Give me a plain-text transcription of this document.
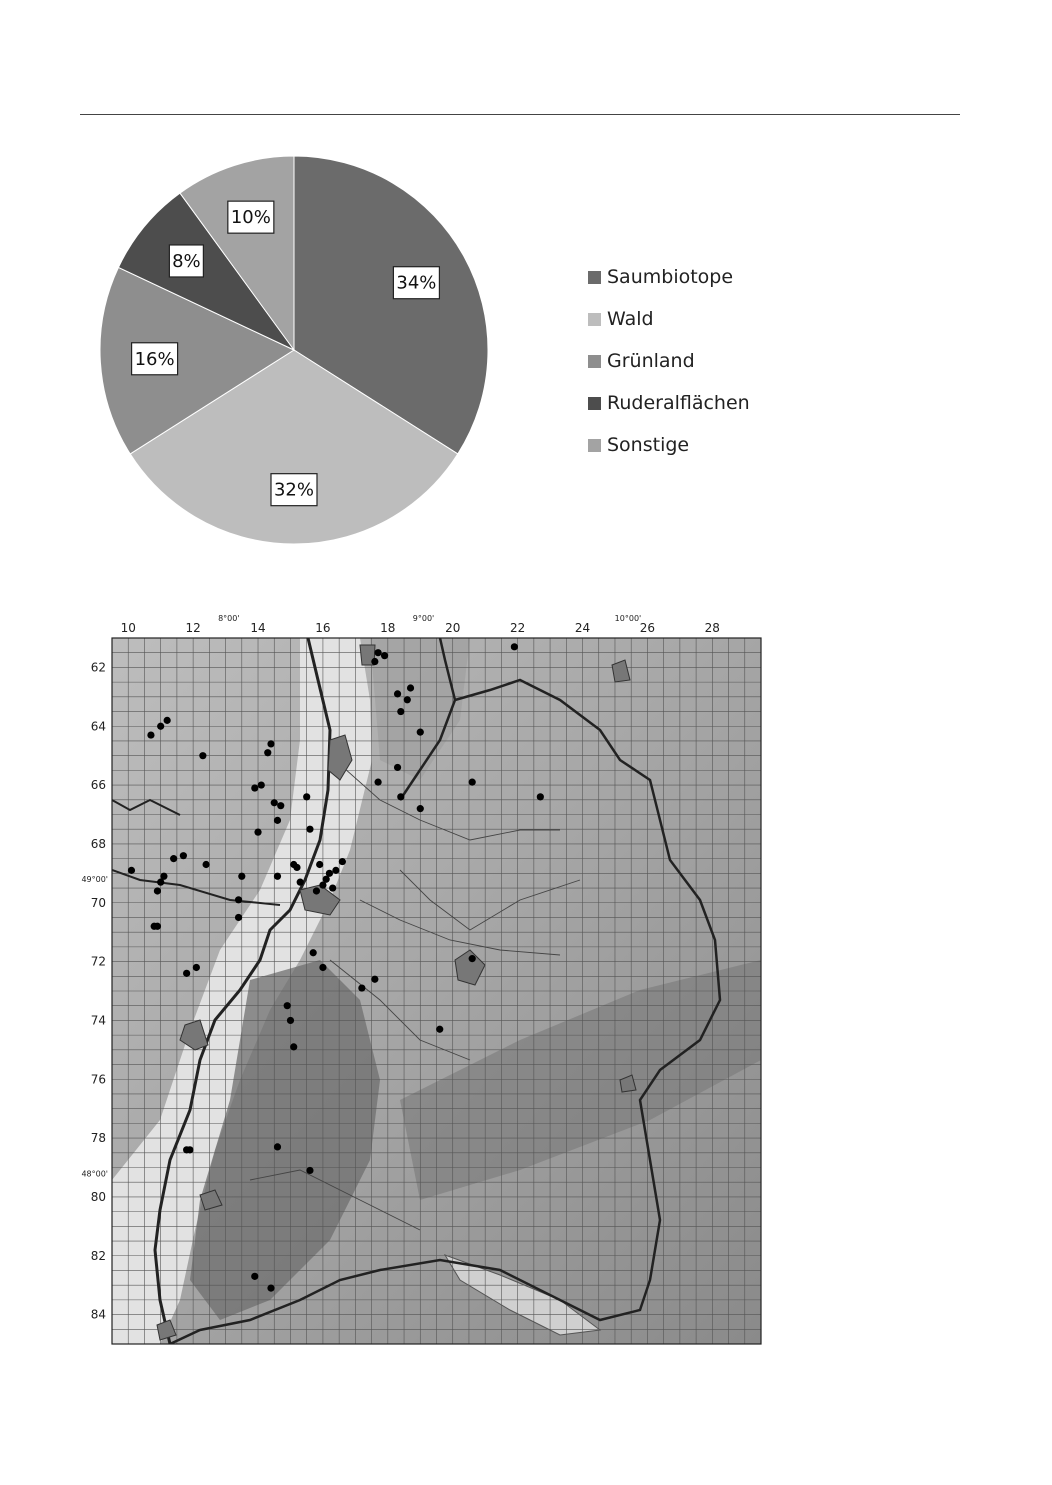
34%
32%
16%
8%
10%
Saumbiotope
Wald
Grünland
Ruderalflächen
Sonstige
10	12	14	16	18	20	22	24	26	28
62
64
66
68
70
72
74
76
78
80
82
84
8°00'	9°00'	10°00'
49°00'
48°00'
